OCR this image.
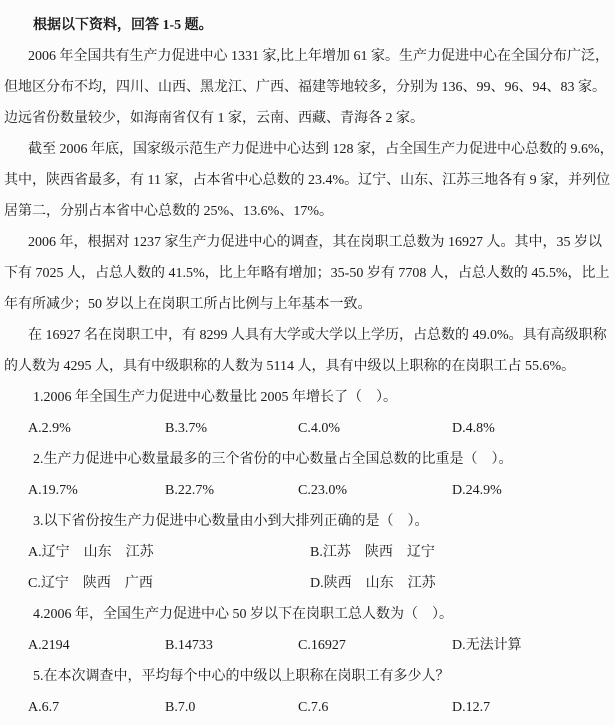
根据以下资料，回答 1-5 题。
2006 年全国共有生产力促进中心 1331 家,比上年增加 61 家。生产力促进中心在全国分布广泛，
但地区分布不均，四川、山西、黑龙江、广西、福建等地较多，分别为 136、99、96、94、83 家。
边远省份数量较少，如海南省仅有 1 家，云南、西藏、青海各 2 家。
截至 2006 年底，国家级示范生产力促进中心达到 128 家，占全国生产力促进中心总数的 9.6%，
其中，陕西省最多，有 11 家，占本省中心总数的 23.4%。辽宁、山东、江苏三地各有 9 家，并列位
居第二，分别占本省中心总数的 25%、13.6%、17%。
2006 年，根据对 1237 家生产力促进中心的调查，其在岗职工总数为 16927 人。其中，35 岁以
下有 7025 人，占总人数的 41.5%，比上年略有增加；35-50 岁有 7708 人，占总人数的 45.5%，比上
年有所减少；50 岁以上在岗职工所占比例与上年基本一致。
在 16927 名在岗职工中，有 8299 人具有大学或大学以上学历，占总数的 49.0%。具有高级职称
的人数为 4295 人，具有中级职称的人数为 5114 人，具有中级以上职称的在岗职工占 55.6%。
1.2006 年全国生产力促进中心数量比 2005 年增长了（　）。
A.2.9%	B.3.7%	C.4.0%	D.4.8%
2.生产力促进中心数量最多的三个省份的中心数量占全国总数的比重是（　）。
A.19.7%	B.22.7%	C.23.0%	D.24.9%
3.以下省份按生产力促进中心数量由小到大排列正确的是（　）。
A.辽宁　山东　江苏	B.江苏　陕西　辽宁
C.辽宁　陕西　广西	D.陕西　山东　江苏
4.2006 年，全国生产力促进中心 50 岁以下在岗职工总人数为（　）。
A.2194	B.14733	C.16927	D.无法计算
5.在本次调查中，平均每个中心的中级以上职称在岗职工有多少人？
A.6.7	B.7.0	C.7.6	D.12.7
